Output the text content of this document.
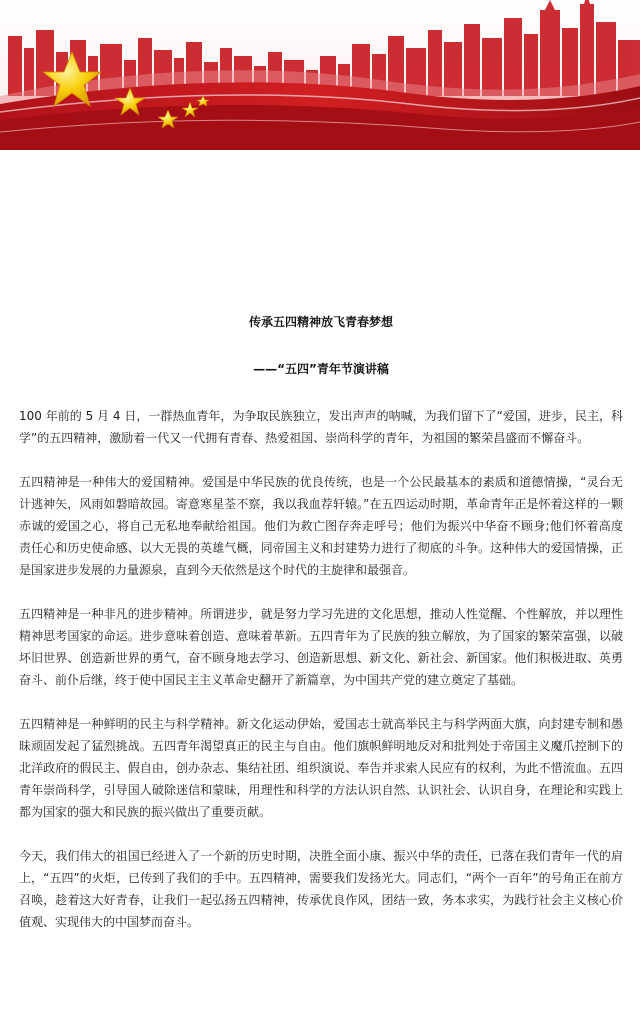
传承五四精神放飞青春梦想
——“五四”青年节演讲稿

100 年前的 5 月 4 日，一群热血青年，为争取民族独立，发出声声的呐喊，为我们留下了“爱国，进步，民主，科学”的五四精神，激励着一代又一代拥有青春、热爱祖国、崇尚科学的青年，为祖国的繁荣昌盛而不懈奋斗。

五四精神是一种伟大的爱国精神。爱国是中华民族的优良传统，也是一个公民最基本的素质和道德情操，“灵台无计逃神矢，风雨如磐暗故园。寄意寒星荃不察，我以我血荐轩辕。”在五四运动时期，革命青年正是怀着这样的一颗赤诚的爱国之心，将自己无私地奉献给祖国。他们为救亡图存奔走呼号；他们为振兴中华奋不顾身;他们怀着高度责任心和历史使命感、以大无畏的英雄气概，同帝国主义和封建势力进行了彻底的斗争。这种伟大的爱国情操，正是国家进步发展的力量源泉，直到今天依然是这个时代的主旋律和最强音。

五四精神是一种非凡的进步精神。所谓进步，就是努力学习先进的文化思想，推动人性觉醒、个性解放，并以理性精神思考国家的命运。进步意味着创造、意味着革新。五四青年为了民族的独立解放，为了国家的繁荣富强，以破坏旧世界、创造新世界的勇气，奋不顾身地去学习、创造新思想、新文化、新社会、新国家。他们积极进取、英勇奋斗、前仆后继，终于使中国民主主义革命史翻开了新篇章，为中国共产党的建立奠定了基础。

五四精神是一种鲜明的民主与科学精神。新文化运动伊始，爱国志士就高举民主与科学两面大旗，向封建专制和愚昧顽固发起了猛烈挑战。五四青年渴望真正的民主与自由。他们旗帜鲜明地反对和批判处于帝国主义魔爪控制下的北洋政府的假民主、假自由，创办杂志、集结社团、组织演说、奉告并求索人民应有的权利，为此不惜流血。五四青年崇尚科学，引导国人破除迷信和蒙昧，用理性和科学的方法认识自然、认识社会、认识自身，在理论和实践上都为国家的强大和民族的振兴做出了重要贡献。

今天，我们伟大的祖国已经进入了一个新的历史时期，决胜全面小康、振兴中华的责任，已落在我们青年一代的肩上，“五四”的火炬，已传到了我们的手中。五四精神，需要我们发扬光大。同志们，“两个一百年”的号角正在前方召唤，趁着这大好青春，让我们一起弘扬五四精神，传承优良作风，团结一致，务本求实，为践行社会主义核心价值观、实现伟大的中国梦而奋斗。
